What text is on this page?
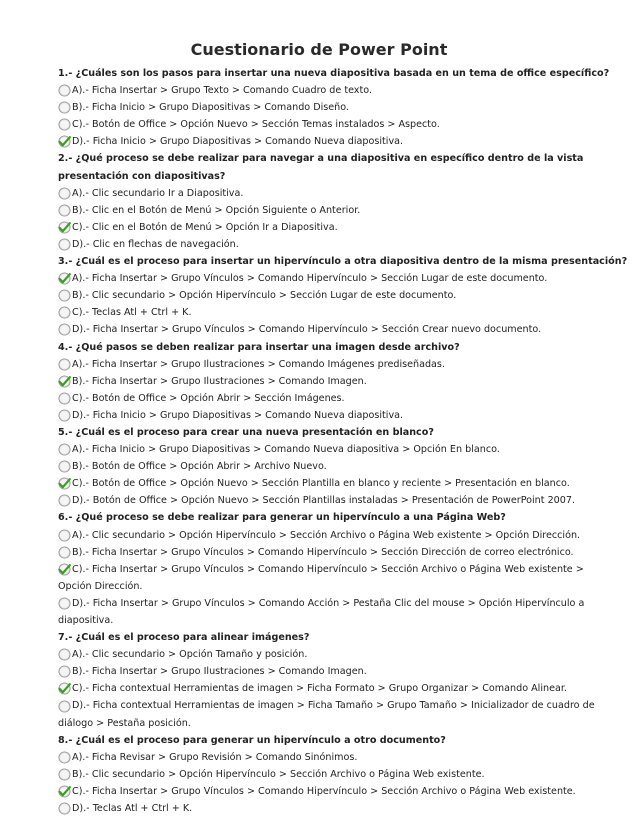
Cuestionario de Power Point
1.- ¿Cuáles son los pasos para insertar una nueva diapositiva basada en un tema de office específico?
A).- Ficha Insertar > Grupo Texto > Comando Cuadro de texto.
B).- Ficha Inicio > Grupo Diapositivas > Comando Diseño.
C).- Botón de Office > Opción Nuevo > Sección Temas instalados > Aspecto.
D).- Ficha Inicio > Grupo Diapositivas > Comando Nueva diapositiva.
2.- ¿Qué proceso se debe realizar para navegar a una diapositiva en específico dentro de la vista
presentación con diapositivas?
A).- Clic secundario Ir a Diapositiva.
B).- Clic en el Botón de Menú > Opción Siguiente o Anterior.
C).- Clic en el Botón de Menú > Opción Ir a Diapositiva.
D).- Clic en flechas de navegación.
3.- ¿Cuál es el proceso para insertar un hipervínculo a otra diapositiva dentro de la misma presentación?
A).- Ficha Insertar > Grupo Vínculos > Comando Hipervínculo > Sección Lugar de este documento.
B).- Clic secundario > Opción Hipervínculo > Sección Lugar de este documento.
C).- Teclas Atl + Ctrl + K.
D).- Ficha Insertar > Grupo Vínculos > Comando Hipervínculo > Sección Crear nuevo documento.
4.- ¿Qué pasos se deben realizar para insertar una imagen desde archivo?
A).- Ficha Insertar > Grupo Ilustraciones > Comando Imágenes prediseñadas.
B).- Ficha Insertar > Grupo Ilustraciones > Comando Imagen.
C).- Botón de Office > Opción Abrir > Sección Imágenes.
D).- Ficha Inicio > Grupo Diapositivas > Comando Nueva diapositiva.
5.- ¿Cuál es el proceso para crear una nueva presentación en blanco?
A).- Ficha Inicio > Grupo Diapositivas > Comando Nueva diapositiva > Opción En blanco.
B).- Botón de Office > Opción Abrir > Archivo Nuevo.
C).- Botón de Office > Opción Nuevo > Sección Plantilla en blanco y reciente > Presentación en blanco.
D).- Botón de Office > Opción Nuevo > Sección Plantillas instaladas > Presentación de PowerPoint 2007.
6.- ¿Qué proceso se debe realizar para generar un hipervínculo a una Página Web?
A).- Clic secundario > Opción Hipervínculo > Sección Archivo o Página Web existente > Opción Dirección.
B).- Ficha Insertar > Grupo Vínculos > Comando Hipervínculo > Sección Dirección de correo electrónico.
C).- Ficha Insertar > Grupo Vínculos > Comando Hipervínculo > Sección Archivo o Página Web existente >
Opción Dirección.
D).- Ficha Insertar > Grupo Vínculos > Comando Acción > Pestaña Clic del mouse > Opción Hipervínculo a
diapositiva.
7.- ¿Cuál es el proceso para alinear imágenes?
A).- Clic secundario > Opción Tamaño y posición.
B).- Ficha Insertar > Grupo Ilustraciones > Comando Imagen.
C).- Ficha contextual Herramientas de imagen > Ficha Formato > Grupo Organizar > Comando Alinear.
D).- Ficha contextual Herramientas de imagen > Ficha Tamaño > Grupo Tamaño > Inicializador de cuadro de
diálogo > Pestaña posición.
8.- ¿Cuál es el proceso para generar un hipervínculo a otro documento?
A).- Ficha Revisar > Grupo Revisión > Comando Sinónimos.
B).- Clic secundario > Opción Hipervínculo > Sección Archivo o Página Web existente.
C).- Ficha Insertar > Grupo Vínculos > Comando Hipervínculo > Sección Archivo o Página Web existente.
D).- Teclas Atl + Ctrl + K.
